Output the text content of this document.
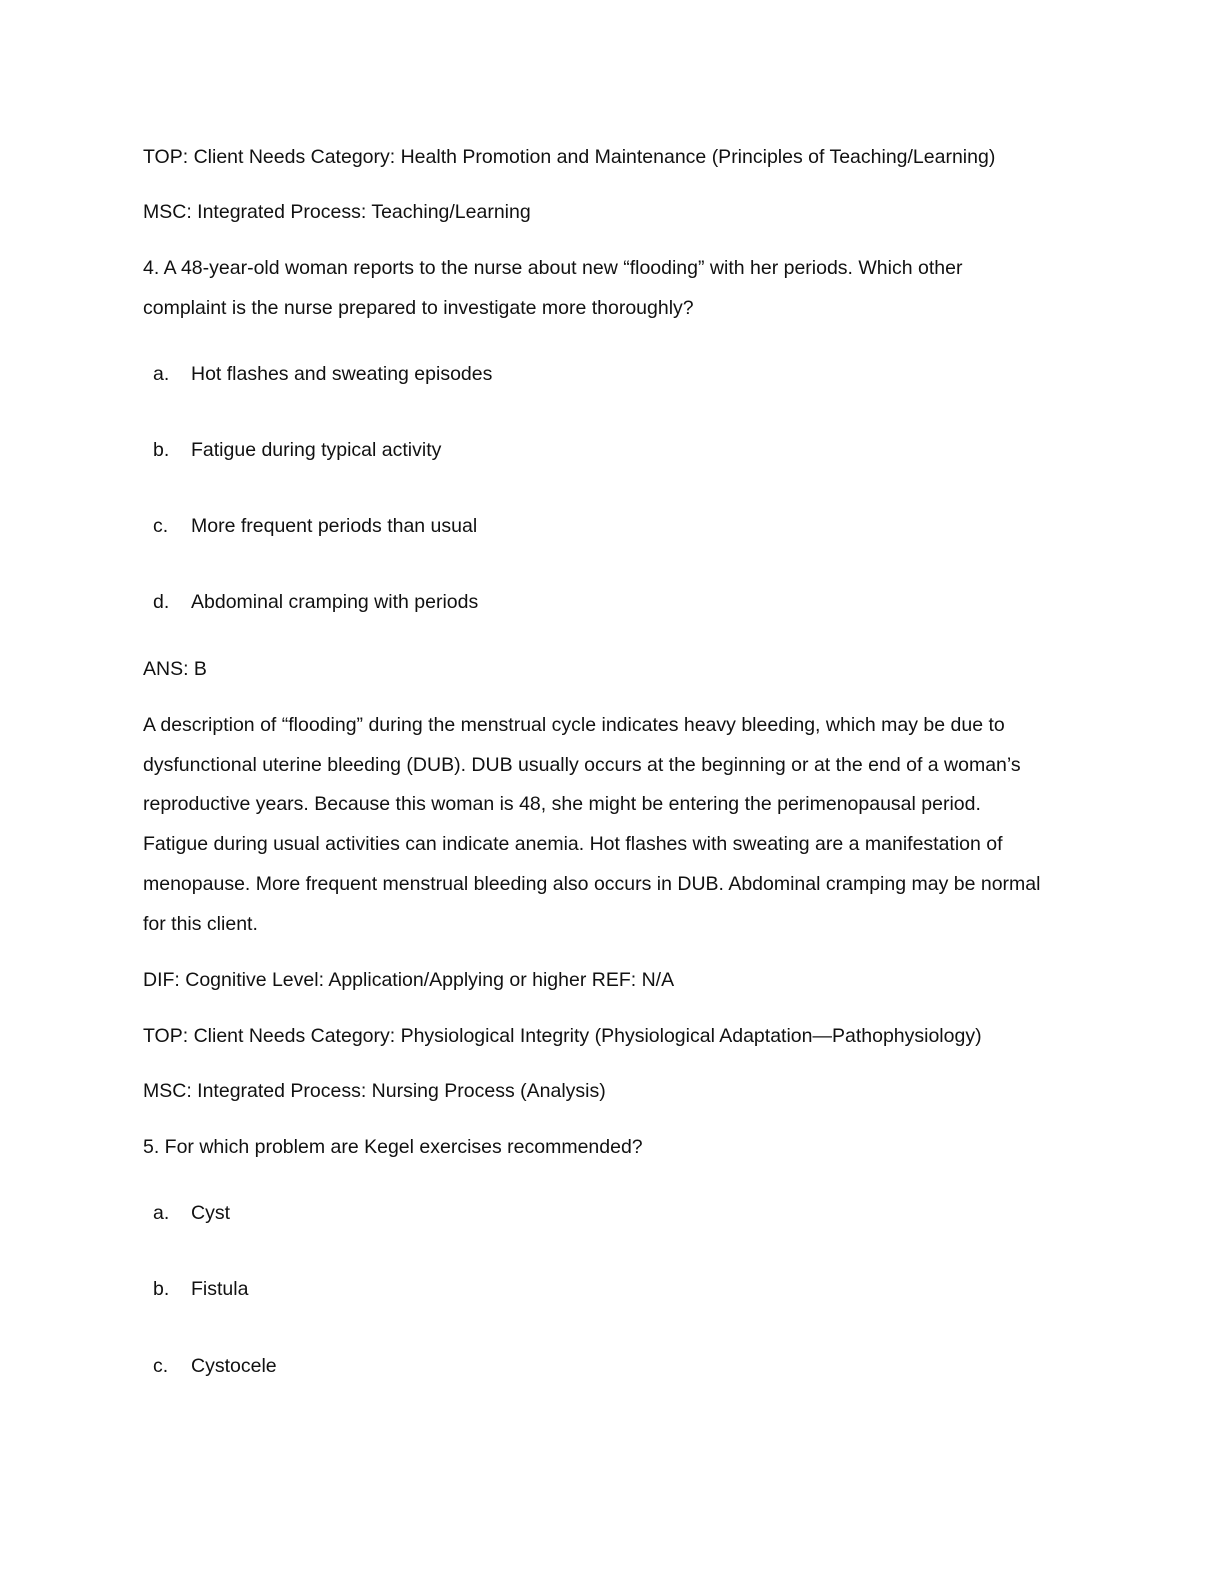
TOP: Client Needs Category: Health Promotion and Maintenance (Principles of Teaching/Learning)
MSC: Integrated Process: Teaching/Learning
4. A 48-year-old woman reports to the nurse about new “flooding” with her periods. Which other
complaint is the nurse prepared to investigate more thoroughly?
a. Hot flashes and sweating episodes
b. Fatigue during typical activity
c. More frequent periods than usual
d. Abdominal cramping with periods
ANS: B
A description of “flooding” during the menstrual cycle indicates heavy bleeding, which may be due to
dysfunctional uterine bleeding (DUB). DUB usually occurs at the beginning or at the end of a woman’s
reproductive years. Because this woman is 48, she might be entering the perimenopausal period.
Fatigue during usual activities can indicate anemia. Hot flashes with sweating are a manifestation of
menopause. More frequent menstrual bleeding also occurs in DUB. Abdominal cramping may be normal
for this client.
DIF: Cognitive Level: Application/Applying or higher REF: N/A
TOP: Client Needs Category: Physiological Integrity (Physiological Adaptation—Pathophysiology)
MSC: Integrated Process: Nursing Process (Analysis)
5. For which problem are Kegel exercises recommended?
a. Cyst
b. Fistula
c. Cystocele
